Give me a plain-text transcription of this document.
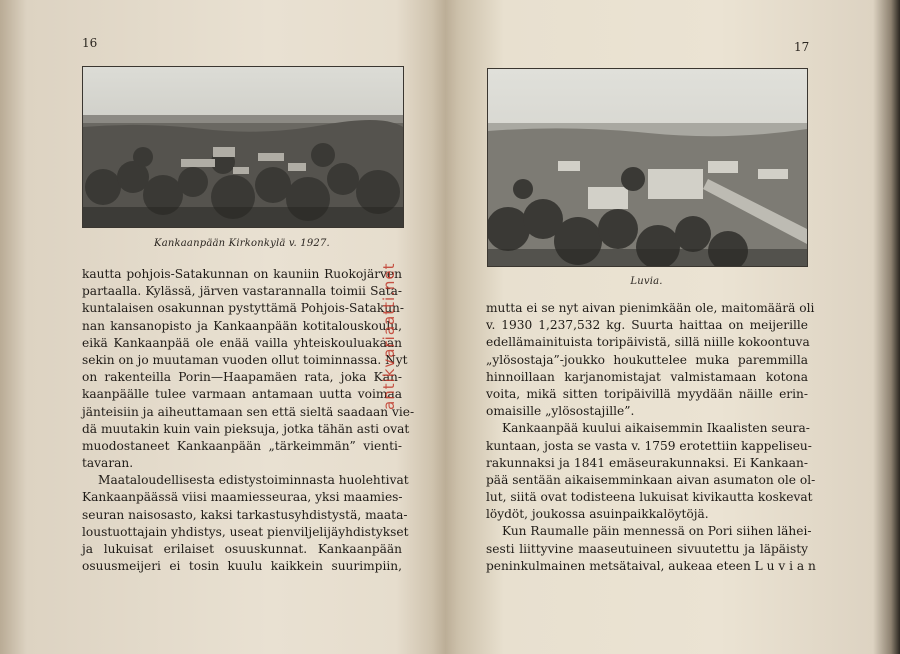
16
Kankaanpään Kirkonkylä v. 1927.
kautta pohjois-Satakunnan on kauniin Ruokojärven
partaalla. Kylässä, järven vastarannalla toimii Sata-
kuntalaisen osakunnan pystyttämä Pohjois-Satakun-
nan kansanopisto ja Kankaanpään kotitalouskoulu,
eikä Kankaanpää ole enää vailla yhteiskouluakaan
sekin on jo muutaman vuoden ollut toiminnassa. Nyt
on rakenteilla Porin—Haapamäen rata, joka Kan-
kaanpäälle tulee varmaan antamaan uutta voimaa
jänteisiin ja aiheuttamaan sen että sieltä saadaan vie-
dä muutakin kuin vain pieksuja, jotka tähän asti ovat
muodostaneet Kankaanpään „tärkeimmän” vienti-
tavaran.
Maataloudellisesta edistystoiminnasta huolehtivat
Kankaanpäässä viisi maamiesseuraa, yksi maamies-
seuran naisosasto, kaksi tarkastusyhdistystä, maata-
loustuottajain yhdistys, useat pienviljelijäyhdistykset
ja lukuisat erilaiset osuuskunnat. Kankaanpään
osuusmeijeri ei tosin kuulu kaikkein suurimpiin,
17
Luvia.
mutta ei se nyt aivan pienimkään ole, maitomäärä oli
v. 1930 1,237,532 kg. Suurta haittaa on meijerille
edellämainituista toripäivistä, sillä niille kokoontuva
„ylösostaja”-joukko houkuttelee muka paremmilla
hinnoillaan karjanomistajat valmistamaan kotona
voita, mikä sitten toripäivillä myydään näille erin-
omaisille „ylösostajille”.
Kankaanpää kuului aikaisemmin Ikaalisten seura-
kuntaan, josta se vasta v. 1759 erotettiin kappeliseu-
rakunnaksi ja 1841 emäseurakunnaksi. Ei Kankaan-
pää sentään aikaisemminkaan aivan asumaton ole ol-
lut, siitä ovat todisteena lukuisat kivikautta koskevat
löydöt, joukossa asuinpaikkalöytöjä.
Kun Raumalle päin mennessä on Pori siihen lähei-
sesti liittyvine maaseutuineen sivuutettu ja läpäisty
peninkulmainen metsätaival, aukeaa eteen L u v i a n
antikvariaatti.net
